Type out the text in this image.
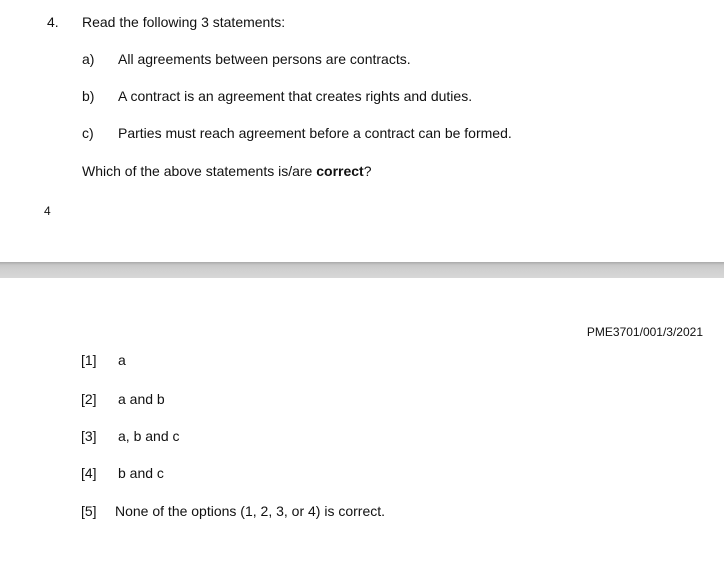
4. Read the following 3 statements:
a) All agreements between persons are contracts.
b) A contract is an agreement that creates rights and duties.
c) Parties must reach agreement before a contract can be formed.
Which of the above statements is/are correct?
4
PME3701/001/3/2021
[1] a
[2] a and b
[3] a, b and c
[4] b and c
[5] None of the options (1, 2, 3, or 4) is correct.
